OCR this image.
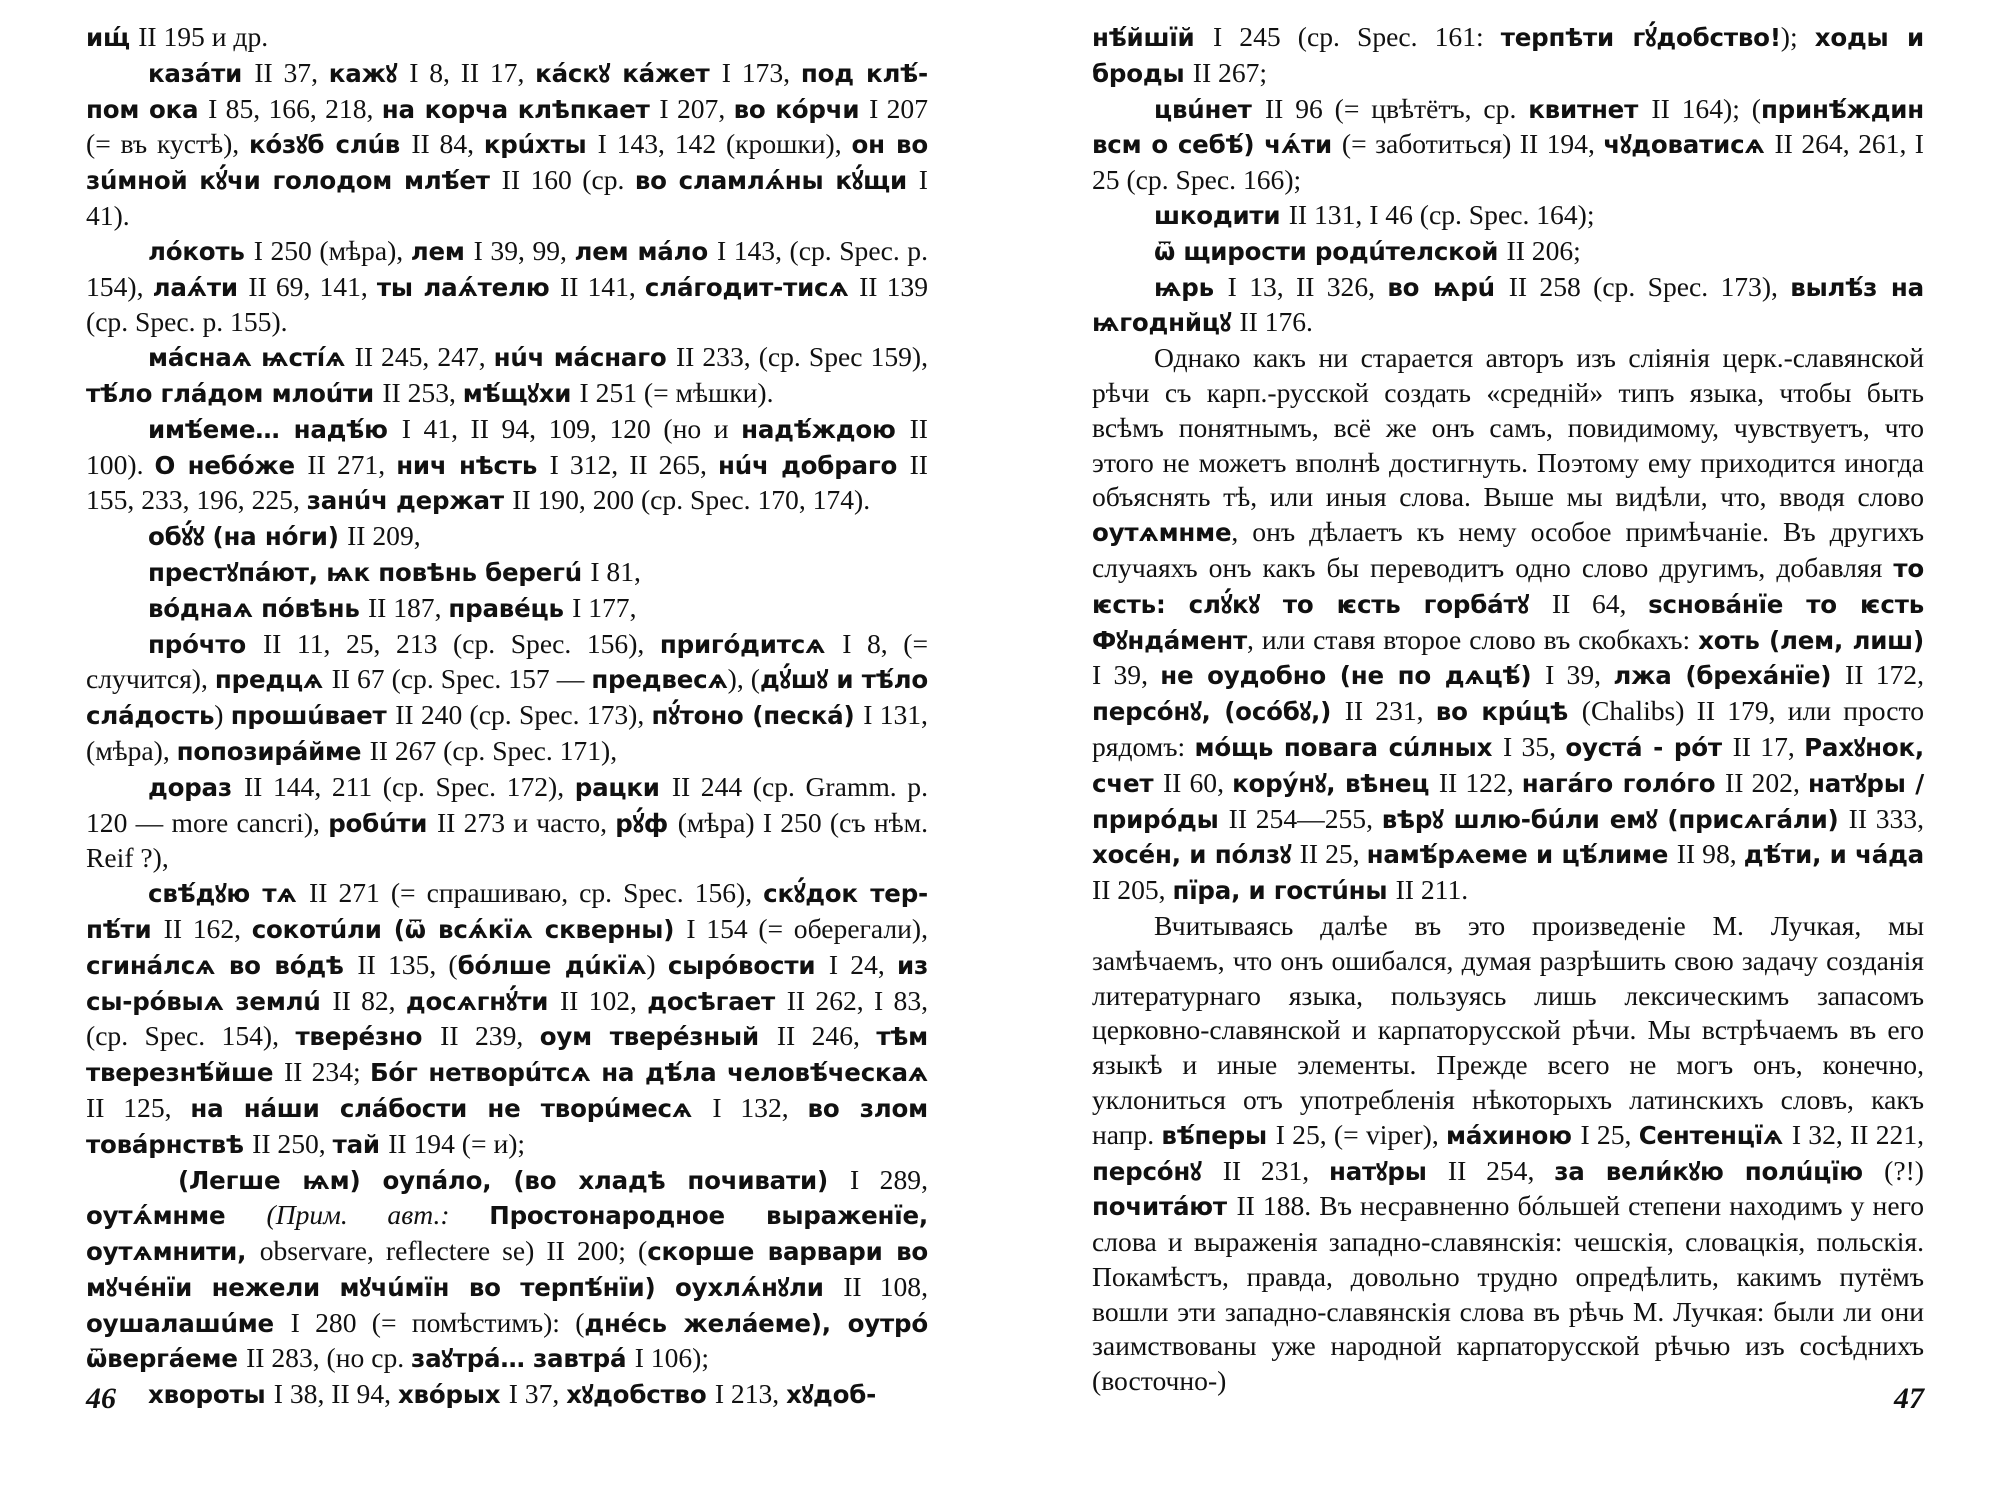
ищ́ II 195 и др.

казáти II 37, кажꙋ I 8, II 17, кáскꙋ кáжет I 173, под клѣ́-пом ока I 85, 166, 218, на корча клѣпкает I 207, во кóрчи I 207 (= въ кустѣ), кóзꙋб слúв II 84, крúхты I 143, 142 (крошки), он во зúмной кꙋ́чи голодом млѣ́ет II 160 (ср. во сламлѧ́ны кꙋ́щи I 41).

лóкоть I 250 (мѣра), лем I 39, 99, лем мáло I 143, (ср. Spec. p. 154), лаѧ́ти II 69, 141, ты лаѧ́телю II 141, слáгодит-тисѧ II 139 (ср. Spec. p. 155).

мáснаѧ ѩстíѧ II 245, 247, нúч мáснаго II 233, (ср. Spec 159), тѣ́ло глáдом млоúти II 253, мѣ́щꙋхи I 251 (= мѣшки).

имѣ́еме… надѣ́ю I 41, II 94, 109, 120 (но и надѣ́ждою II 100). О небóже II 271, нич нѣсть I 312, II 265, нúч добраго II 155, 233, 196, 225, занúч держат II 190, 200 (ср. Spec. 170, 174).

обꙋ́ꙋ (на нóги) II 209,

престꙋпáют, ѩк повѣнь берегú I 81,

вóднаѧ пóвѣнь II 187, правéць I 177,

прóчто II 11, 25, 213 (ср. Spec. 156), пригóдитсѧ I 8, (= случится), предцѧ II 67 (ср. Spec. 157 — предвесѧ), (дꙋ́шꙋ и тѣ́ло слáдость) прошúвает II 240 (ср. Spec. 173), пꙋ́тоно (пескá) I 131, (мѣра), попозирáйме II 267 (ср. Spec. 171),

дораз II 144, 211 (ср. Spec. 172), рацки II 244 (ср. Gramm. p. 120 — more cancri), робúти II 273 и часто, рꙋ́ф (мѣра) I 250 (съ нѣм. Reif ?),

свѣ́дꙋю тѧ II 271 (= спрашиваю, ср. Spec. 156), скꙋ́док тер-пѣ́ти II 162, сокотúли (ѿ всѧ́кїѧ скверны) I 154 (= оберегали), сгинáлсѧ во вóдѣ II 135, (бóлше дúкїѧ) сырóвости I 24, из сы-рóвыѧ землú II 82, досѧгнꙋ́ти II 102, досѣгает II 262, I 83, (ср. Spec. 154), тверéзно II 239, оум тверéзный II 246, тѣм тверезнѣ́йше II 234; Бóг нетворúтсѧ на дѣ́ла человѣ́ческаѧ II 125, на нáши слáбости не творúмесѧ I 132, во злом товáрнствѣ II 250, тай II 194 (= и);

(Легше ѩм) оупáло, (во хладѣ почивати) I 289, оутѧ́мнме (Прим. авт.: Простонародное выраженїе, оутѧмнити, observare, reflectere se) II 200; (скорше варвари во мꙋчéнїи нежели мꙋчúмїн во терпѣ́нїи) оухлѧ́нꙋли II 108, оушалашúме I 280 (= помѣстимъ): (днéсь желáеме), оутрó ѿвергáеме II 283, (но ср. заꙋтрá… завтрá I 106);

хвороты I 38, II 94, хвóрых I 37, хꙋдобство I 213, хꙋдоб-

46

нѣ́йшїй I 245 (ср. Spec. 161: терпѣти гꙋ́добство!); ходы и броды II 267;

цвúнет II 96 (= цвѣтётъ, ср. квитнет II 164); (принѣ́ждин всм о себѣ́) чѧ́ти (= заботиться) II 194, чꙋдоватисѧ II 264, 261, I 25 (ср. Spec. 166);

шкодити II 131, I 46 (ср. Spec. 164);

ѿ щирости родúтелской II 206;

ѩрь I 13, II 326, во ѩрú II 258 (ср. Spec. 173), вылѣ́з на ѩгоднйцꙋ II 176.

Однако какъ ни старается авторъ изъ сліянія церк.-славянской рѣчи съ карп.-русской создать «средній» типъ языка, чтобы быть всѣмъ понятнымъ, всё же онъ самъ, повидимому, чувствуетъ, что этого не можетъ вполнѣ достигнуть. Поэтому ему приходится иногда объяснять тѣ, или иныя слова. Выше мы видѣли, что, вводя слово оутѧмнме, онъ дѣлаетъ къ нему особое примѣчаніе. Въ другихъ случаяхъ онъ какъ бы переводитъ одно слово другимъ, добавляя то ѥсть: слꙋ́кꙋ то ѥсть горбáтꙋ II 64, ѕсновáнїе то ѥсть Фꙋндáмент, или ставя второе слово въ скобкахъ: хоть (лем, лиш) I 39, не оудобно (не по дѧцѣ́) I 39, лжа (брехáнїе) II 172, персóнꙋ, (осóбꙋ,) II 231, во крúцѣ (Chalibs) II 179, или просто рядомъ: мóщь повага сúлных I 35, оустá - рóт II 17, Рахꙋнок, счет II 60, корýнꙋ, вѣнец II 122, нагáго голóго II 202, натꙋры / прирóды II 254—255, вѣрꙋ шлю-бúли емꙋ (присѧгáли) II 333, хосéн, и пóлзꙋ II 25, намѣ́рѧеме и цѣ́лиме II 98, дѣ́ти, и чáда II 205, пїра, и гостúны II 211.

Вчитываясь далѣе въ это произведеніе М. Лучкая, мы замѣчаемъ, что онъ ошибался, думая разрѣшить свою задачу созданія литературнаго языка, пользуясь лишь лексическимъ запасомъ церковно-славянской и карпаторусской рѣчи. Мы встрѣчаемъ въ его языкѣ и иные элементы. Прежде всего не могъ онъ, конечно, уклониться отъ употребленія нѣкоторыхъ латинскихъ словъ, какъ напр. вѣ́перы I 25, (= viper), мáхиною I 25, Сентенцїѧ I 32, II 221, персóнꙋ II 231, натꙋры II 254, за вели́кꙋю полúцїю (?!) почитáют II 188. Въ несравненно бóльшей степени находимъ у него слова и выраженія западно-славянскія: чешскія, словацкія, польскія. Покамѣстъ, правда, довольно трудно опредѣлить, какимъ путёмъ вошли эти западно-славянскія слова въ рѣчь М. Лучкая: были ли они заимствованы уже народной карпаторусской рѣчью изъ сосѣднихъ (восточно-)

47
